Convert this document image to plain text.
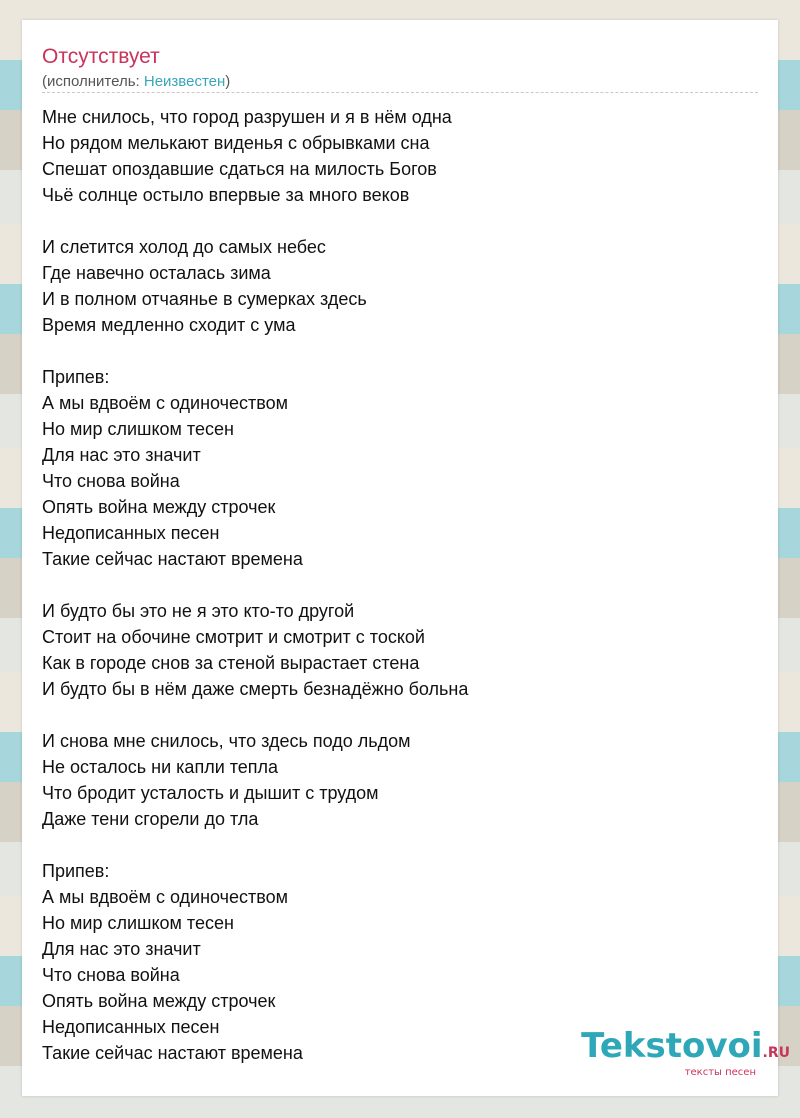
Отсутствует
(исполнитель: Неизвестен)
Мне снилось, что город разрушен и я в нём одна
Но рядом мелькают виденья с обрывками сна
Спешат опоздавшие сдаться на милость Богов
Чьё солнце остыло впервые за много веков
И слетится холод до самых небес
Где навечно осталась зима
И в полном отчаянье в сумерках здесь
Время медленно сходит с ума
Припев:
А мы вдвоём с одиночеством
Но мир слишком тесен
Для нас это значит
Что снова война
Опять война между строчек
Недописанных песен
Такие сейчас настают времена
И будто бы это не я это кто-то другой
Стоит на обочине смотрит и смотрит с тоской
Как в городе снов за стеной вырастает стена
И будто бы в нём даже смерть безнадёжно больна
И снова мне снилось, что здесь подо льдом
Не осталось ни капли тепла
Что бродит усталость и дышит с трудом
Даже тени сгорели до тла
Припев:
А мы вдвоём с одиночеством
Но мир слишком тесен
Для нас это значит
Что снова война
Опять война между строчек
Недописанных песен
Такие сейчас настают времена	Tekstovoi.RU
тексты песен
